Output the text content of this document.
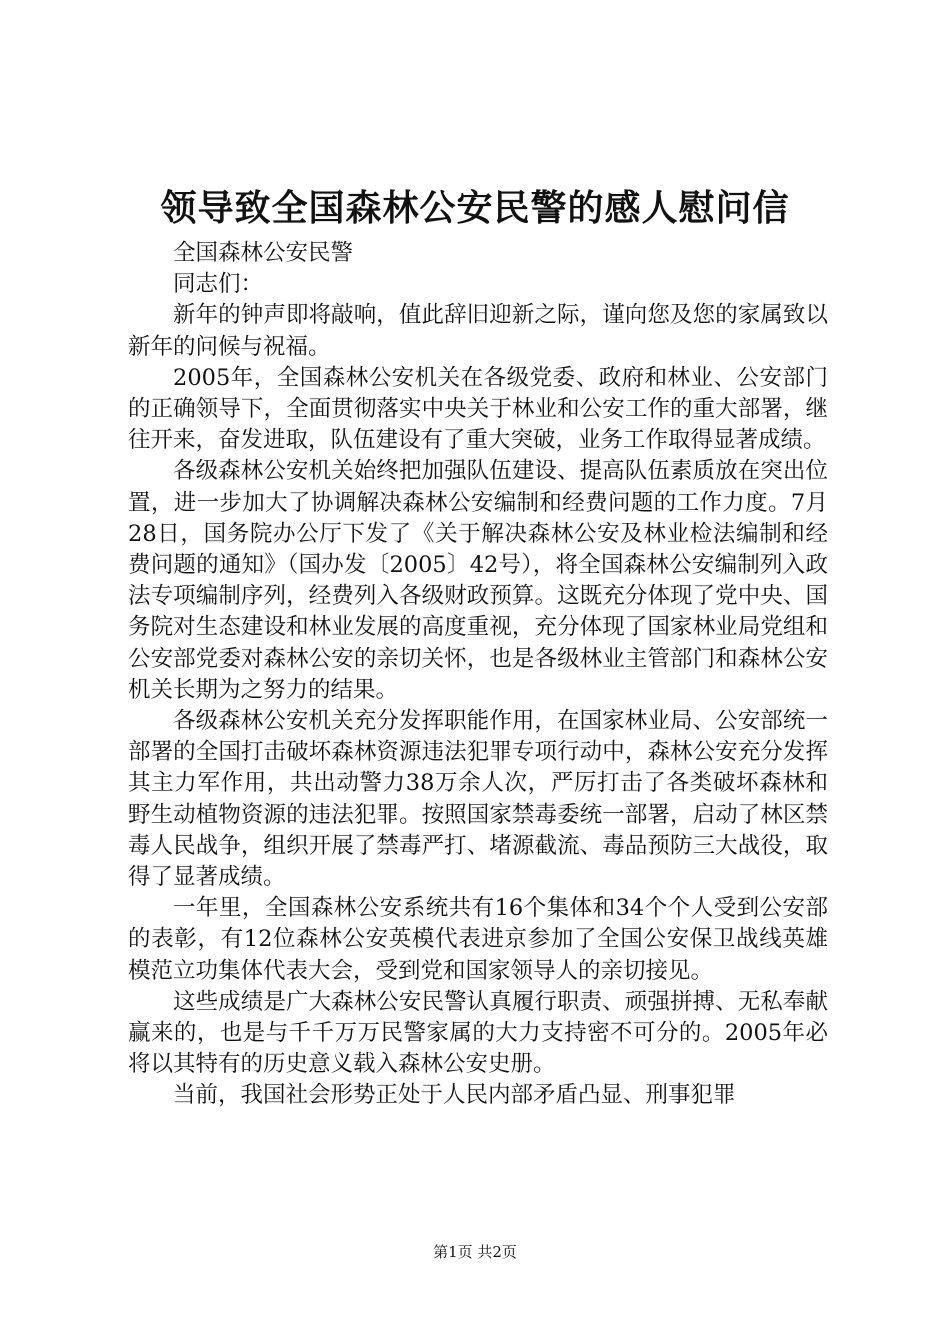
领导致全国森林公安民警的感人慰问信

全国森林公安民警

同志们：

新年的钟声即将敲响，值此辞旧迎新之际，谨向您及您的家属致以新年的问候与祝福。

2005年，全国森林公安机关在各级党委、政府和林业、公安部门的正确领导下，全面贯彻落实中央关于林业和公安工作的重大部署，继往开来，奋发进取，队伍建设有了重大突破，业务工作取得显著成绩。

各级森林公安机关始终把加强队伍建设、提高队伍素质放在突出位置，进一步加大了协调解决森林公安编制和经费问题的工作力度。7月28日，国务院办公厅下发了《关于解决森林公安及林业检法编制和经费问题的通知》（国办发〔2005〕42号），将全国森林公安编制列入政法专项编制序列，经费列入各级财政预算。这既充分体现了党中央、国务院对生态建设和林业发展的高度重视，充分体现了国家林业局党组和公安部党委对森林公安的亲切关怀，也是各级林业主管部门和森林公安机关长期为之努力的结果。

各级森林公安机关充分发挥职能作用，在国家林业局、公安部统一部署的全国打击破坏森林资源违法犯罪专项行动中，森林公安充分发挥其主力军作用，共出动警力38万余人次，严厉打击了各类破坏森林和野生动植物资源的违法犯罪。按照国家禁毒委统一部署，启动了林区禁毒人民战争，组织开展了禁毒严打、堵源截流、毒品预防三大战役，取得了显著成绩。

一年里，全国森林公安系统共有16个集体和34个个人受到公安部的表彰，有12位森林公安英模代表进京参加了全国公安保卫战线英雄模范立功集体代表大会，受到党和国家领导人的亲切接见。

这些成绩是广大森林公安民警认真履行职责、顽强拼搏、无私奉献赢来的，也是与千千万万民警家属的大力支持密不可分的。2005年必将以其特有的历史意义载入森林公安史册。

当前，我国社会形势正处于人民内部矛盾凸显、刑事犯罪

第1页 共2页
